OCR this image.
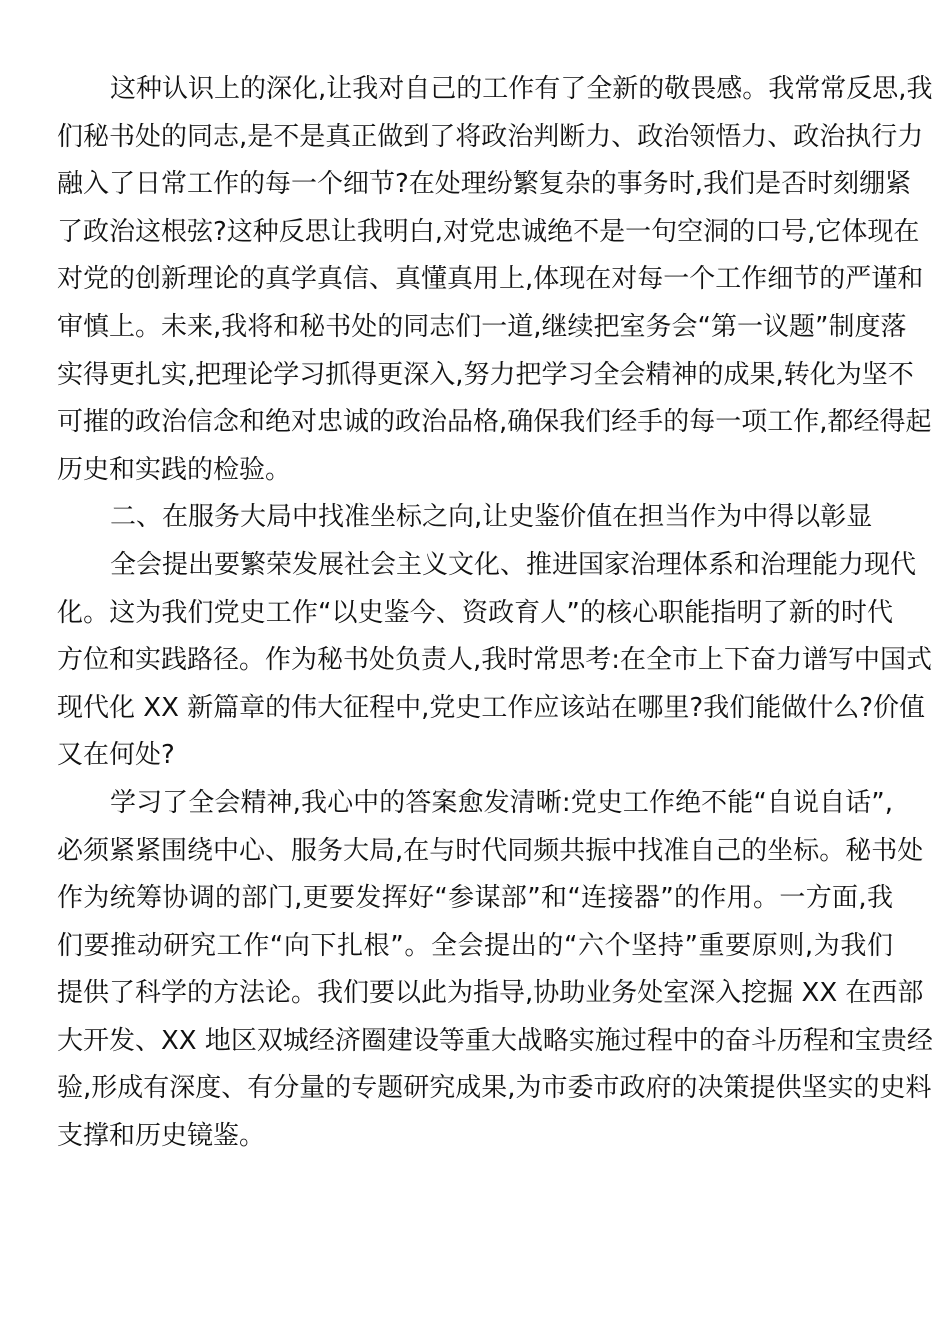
这种认识上的深化,让我对自己的工作有了全新的敬畏感。我常常反思,我
们秘书处的同志,是不是真正做到了将政治判断力、政治领悟力、政治执行力
融入了日常工作的每一个细节?在处理纷繁复杂的事务时,我们是否时刻绷紧
了政治这根弦?这种反思让我明白,对党忠诚绝不是一句空洞的口号,它体现在
对党的创新理论的真学真信、真懂真用上,体现在对每一个工作细节的严谨和
审慎上。未来,我将和秘书处的同志们一道,继续把室务会“第一议题”制度落
实得更扎实,把理论学习抓得更深入,努力把学习全会精神的成果,转化为坚不
可摧的政治信念和绝对忠诚的政治品格,确保我们经手的每一项工作,都经得起
历史和实践的检验。
二、在服务大局中找准坐标之向,让史鉴价值在担当作为中得以彰显
全会提出要繁荣发展社会主义文化、推进国家治理体系和治理能力现代
化。这为我们党史工作“以史鉴今、资政育人”的核心职能指明了新的时代
方位和实践路径。作为秘书处负责人,我时常思考:在全市上下奋力谱写中国式
现代化 XX 新篇章的伟大征程中,党史工作应该站在哪里?我们能做什么?价值
又在何处?
学习了全会精神,我心中的答案愈发清晰:党史工作绝不能“自说自话”,
必须紧紧围绕中心、服务大局,在与时代同频共振中找准自己的坐标。秘书处
作为统筹协调的部门,更要发挥好“参谋部”和“连接器”的作用。一方面,我
们要推动研究工作“向下扎根”。全会提出的“六个坚持”重要原则,为我们
提供了科学的方法论。我们要以此为指导,协助业务处室深入挖掘 XX 在西部
大开发、XX 地区双城经济圈建设等重大战略实施过程中的奋斗历程和宝贵经
验,形成有深度、有分量的专题研究成果,为市委市政府的决策提供坚实的史料
支撑和历史镜鉴。
